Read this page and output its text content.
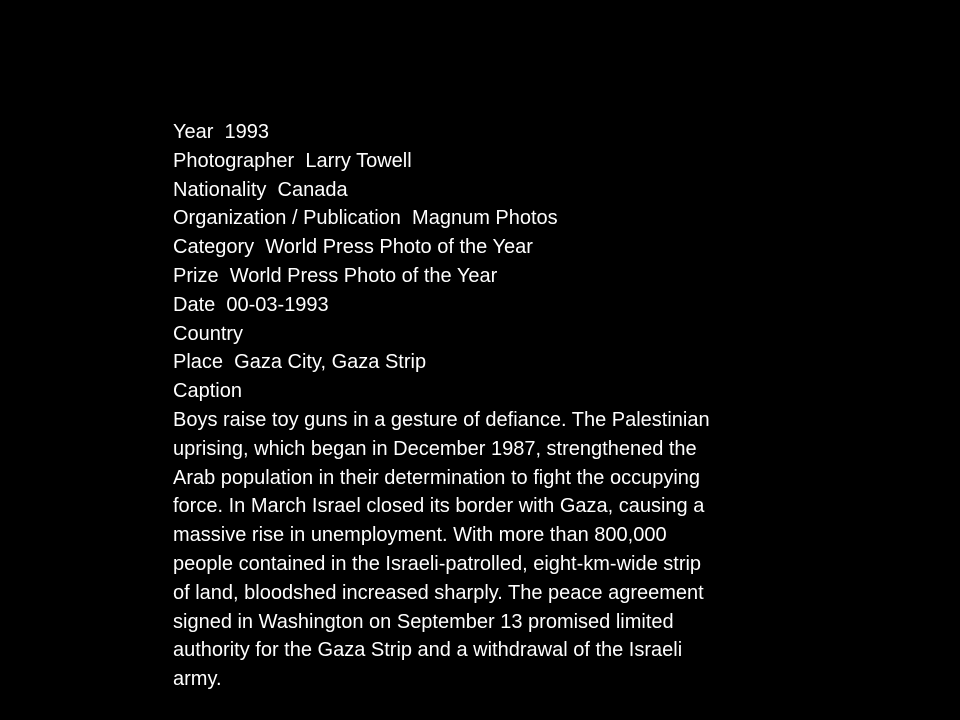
Year 1993
Photographer Larry Towell
Nationality Canada
Organization / Publication Magnum Photos
Category World Press Photo of the Year
Prize World Press Photo of the Year
Date 00-03-1993
Country
Place Gaza City, Gaza Strip
Caption
Boys raise toy guns in a gesture of defiance. The Palestinian
uprising, which began in December 1987, strengthened the
Arab population in their determination to fight the occupying
force. In March Israel closed its border with Gaza, causing a
massive rise in unemployment. With more than 800,000
people contained in the Israeli-patrolled, eight-km-wide strip
of land, bloodshed increased sharply. The peace agreement
signed in Washington on September 13 promised limited
authority for the Gaza Strip and a withdrawal of the Israeli
army.
